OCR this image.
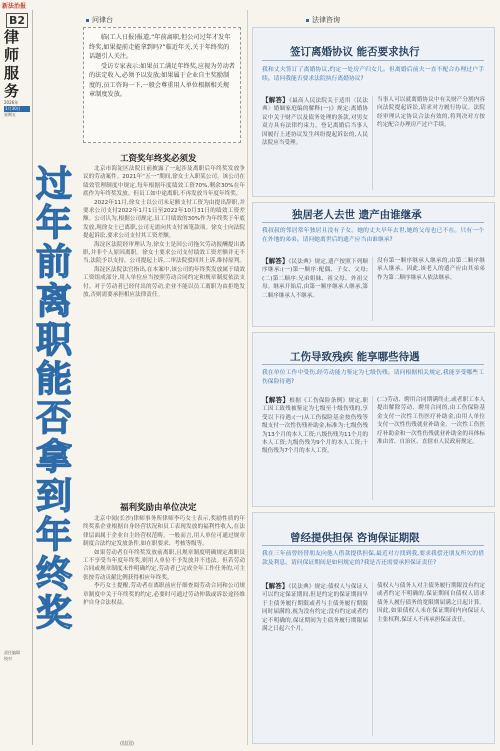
新法治报
B2
律师服务
2026年
1月30日
星期五
责任编辑
校对
问律台	法律咨询

临(工人日报)报道,“年前离职,但公司过年才发年终奖,如果提前走能拿到吗?”临近年关,关于年终奖的话题引人关注。

受访专家表示:如果员工满足年终奖,应视为劳动者的法定收入,必须予以发放;如果属于企业自主奖励制度的,员工咨询一下,一般会尊重用人单位根据相关规章制度发放。

过
年
前
离
职
能
否
拿
到
年终奖
工资奖年终奖必须发

北京市海淀区法院日前披露了一起涉及离职后年终奖发放争议的劳动案件。2021年“五一”期间,徐女士入职某公司。该公司在绩效管理制度中规定,每年根据年度绩效工资70%,剩余30%在年底作为年终奖发放。但员工如中途离职,不再发放当年度年终奖。

2022年11月,徐女士以公司未足额支付工资为由提出辞职,并要求公司支付2022年1月1日至2022年10月31日的绩效工资差额。公司认为,根据公司规定,员工月绩效的30%作为年终奖于年底发放,现徐女士已离职,公司无需向其支付该笔款项。徐女士向法院提起诉讼,要求公司支付其工资差额。

海淀区法院经审理认为,徐女士是因公司拖欠劳动报酬提出离职,并非个人原因离职。徐女士要求公司支付绩效工资差额并无不当,法院予以支持。公司提起上诉,二审法院驳回其上诉,维持原判。

海淀区法院法官指出,在本案中,该公司的年终奖发放属于绩效工资组成部分,用人单位应当按照劳动合同约定和规章制度依法支付。对于劳动者已经付出的劳动,企业不能以员工离职为由拒绝发放,否则需要承担相应法律责任。

福利奖励由单位决定

北京中闻(长沙)律师事务所律师李巧女士表示,奖励性质的年终奖系企业根据自身经营状况和员工表现发放的福利性收入,在法律层面属于企业自主经营权范畴。一般而言,用人单位可通过规章制度合法约定发放条件,如在职要求、考核等级等。

如果劳动者在年终奖发放前离职,且规章制度明确规定离职员工不享受当年度年终奖,则用人单位不予发放并不违法。但若劳动合同或规章制度未作明确约定,劳动者已完成全年工作任务的,可主张按劳动贡献比例获得相应年终奖。

李巧女士提醒,劳动者在离职前应仔细查阅劳动合同和公司规章制度中关于年终奖的约定,必要时可通过劳动仲裁或诉讼途径维护自身合法权益。

签订离婚协议 能否要求执行
我和丈夫签订了离婚协议,约定一处房产归女儿。但离婚后前夫一直不配合办理过户手续。请问我能否要求法院执行离婚协议?
【解答】《最高人民法院关于适用〈民法典〉婚姻家庭编的解释(一)》规定:离婚协议中关于财产以及债务处理的条款,对男女双方具有法律约束力。登记离婚后当事人因履行上述协议发生纠纷提起诉讼的,人民法院应当受理。
当事人可以就离婚协议中有关财产分割内容向法院提起诉讼,请求对方履行协议。法院经审理认定协议合法有效的,将判决对方按约定配合办理房产过户手续。
独居老人去世 遗产由谁继承
我叔叔的邻居常年独居且没有子女。她的丈夫早年去世,她的父母也已不在。只有一个在外地的弟弟。请问她离世后的遗产应当由谁继承?
【解答】《民法典》规定,遗产按照下列顺序继承:(一)第一顺序:配偶、子女、父母;(二)第二顺序:兄弟姐妹、祖父母、外祖父母。继承开始后,由第一顺序继承人继承,第二顺序继承人不继承。
没有第一顺序继承人继承的,由第二顺序继承人继承。因此,该老人的遗产应由其弟弟作为第二顺序继承人依法继承。
工伤导致残疾 能享哪些待遇
我在单位工作中受伤,经劳动能力鉴定为七级伤残。请问根据相关规定,我能享受哪些工伤保险待遇?
【解答】根据《工伤保险条例》规定,职工因工致残被鉴定为七级至十级伤残的,享受以下待遇:(一)从工伤保险基金按伤残等级支付一次性伤残补助金,标准为:七级伤残为13个月的本人工资;八级伤残为11个月的本人工资;九级伤残为9个月的本人工资;十级伤残为7个月的本人工资。
(二)劳动、聘用合同期满终止,或者职工本人提出解除劳动、聘用合同的,由工伤保险基金支付一次性工伤医疗补助金,由用人单位支付一次性伤残就业补助金。一次性工伤医疗补助金和一次性伤残就业补助金的具体标准由省、自治区、直辖市人民政府规定。
曾经提供担保 咨询保证期限
我在三年前曾经替朋友向他人借款提供担保,最近对方找到我,要求我偿还朋友所欠的借款及利息。请问保证期间是如何规定的?我是否还需要承担保证责任?
【解答】《民法典》规定:债权人与保证人可以约定保证期间,但是约定的保证期间早于主债务履行期限或者与主债务履行期限同时届满的,视为没有约定;没有约定或者约定不明确的,保证期间为主债务履行期限届满之日起六个月。
债权人与债务人对主债务履行期限没有约定或者约定不明确的,保证期间自债权人请求债务人履行债务的宽限期届满之日起计算。因此,如果债权人未在保证期间内向保证人主张权利,保证人不再承担保证责任。
(陆国)
